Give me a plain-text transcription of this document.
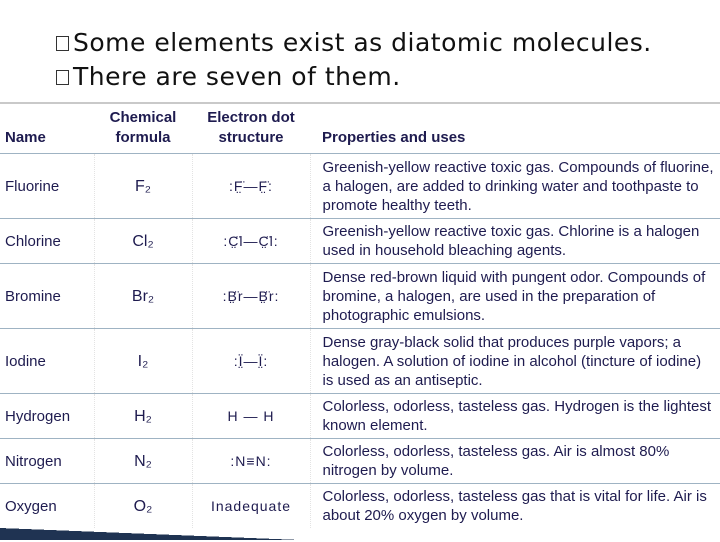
Some elements exist as diatomic molecules.
There are seven of them.
Name	Chemical formula	Electron dot structure	Properties and uses
Fluorine	F₂	:F̤̈—F̤̈:	Greenish-yellow reactive toxic gas. Compounds of fluorine, a halogen, are added to drinking water and toothpaste to promote healthy teeth.
Chlorine	Cl₂	:C̤̈l—C̤̈l:	Greenish-yellow reactive toxic gas. Chlorine is a halogen used in household bleaching agents.
Bromine	Br₂	:B̤̈r—B̤̈r:	Dense red-brown liquid with pungent odor. Compounds of bromine, a halogen, are used in the preparation of photographic emulsions.
Iodine	I₂	:Ï̤—Ï̤:	Dense gray-black solid that produces purple vapors; a halogen. A solution of iodine in alcohol (tincture of iodine) is used as an antiseptic.
Hydrogen	H₂	H — H	Colorless, odorless, tasteless gas. Hydrogen is the lightest known element.
Nitrogen	N₂	:N≡N:	Colorless, odorless, tasteless gas. Air is almost 80% nitrogen by volume.
Oxygen	O₂	Inadequate	Colorless, odorless, tasteless gas that is vital for life. Air is about 20% oxygen by volume.
